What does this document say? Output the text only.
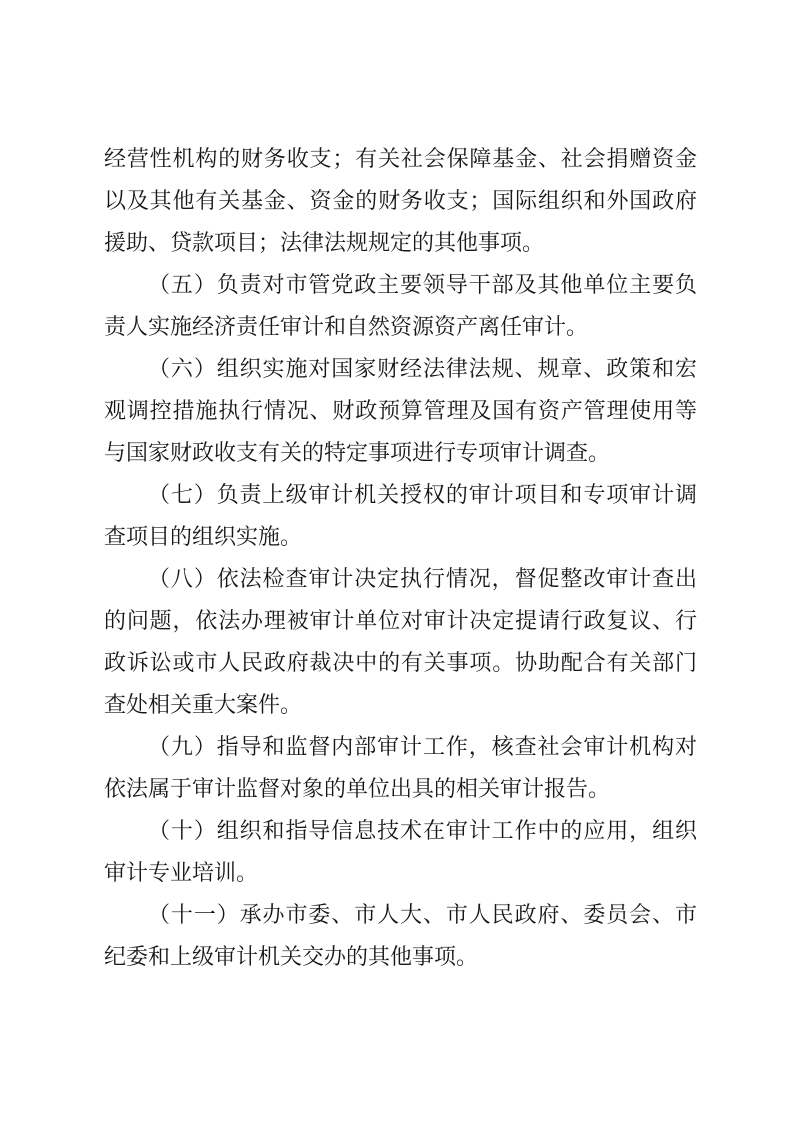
经营性机构的财务收支；有关社会保障基金、社会捐赠资金以及其他有关基金、资金的财务收支；国际组织和外国政府援助、贷款项目；法律法规规定的其他事项。

（五）负责对市管党政主要领导干部及其他单位主要负责人实施经济责任审计和自然资源资产离任审计。

（六）组织实施对国家财经法律法规、规章、政策和宏观调控措施执行情况、财政预算管理及国有资产管理使用等与国家财政收支有关的特定事项进行专项审计调查。

（七）负责上级审计机关授权的审计项目和专项审计调查项目的组织实施。

（八）依法检查审计决定执行情况，督促整改审计查出的问题，依法办理被审计单位对审计决定提请行政复议、行政诉讼或市人民政府裁决中的有关事项。协助配合有关部门查处相关重大案件。

（九）指导和监督内部审计工作，核查社会审计机构对依法属于审计监督对象的单位出具的相关审计报告。

（十）组织和指导信息技术在审计工作中的应用，组织审计专业培训。

（十一）承办市委、市人大、市人民政府、委员会、市纪委和上级审计机关交办的其他事项。
